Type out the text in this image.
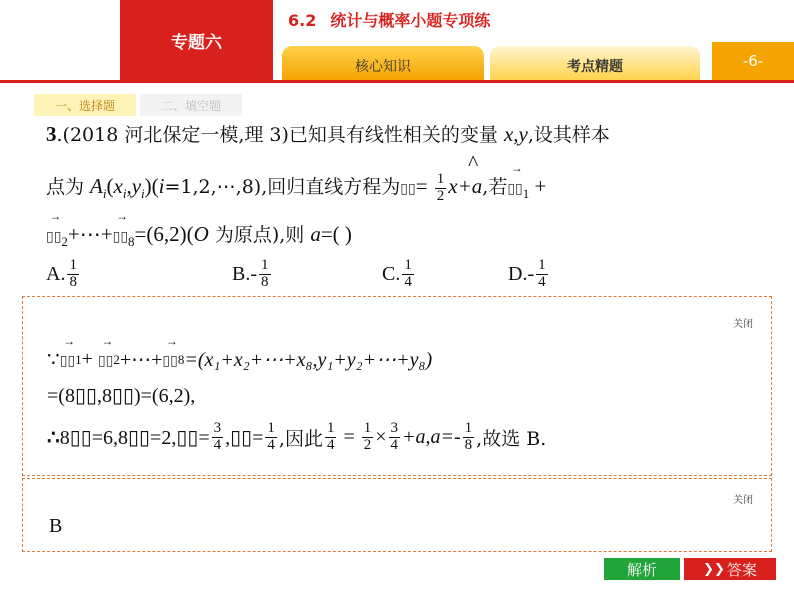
专题六
6.2 统计与概率小题专项练
核心知识	考点精题	-6-
一、选择题	二、填空题
3.(2018 河北保定一模,理 3)已知具有线性相关的变量 x,y,设其样本
^
点为 $A_i(x_i,y_i)(i=1,2,\cdots,8)$,回归直线方程为▯▯= $\frac{1}{2} x+a$,若▯▯
→
$_1$ +
▯▯
→
$_2$+⋯+▯▯
→
$_8$=(6,2)(O 为原点),则 a=( )
A. $\frac{1}{8}$	B. - $\frac{1}{8}$	C. $\frac{1}{4}$	D. - $\frac{1}{4}$
关闭
∵ ▯▯
→
1 +
▯▯
→
2 +⋯+ ▯▯
→
8 =(x₁+x₂+⋯+x₈,y₁+y₂+⋯+y₈)
=(8▯▯,8▯▯)=(6,2),
∴ 8▯▯=6,8▯▯=2,▯▯= $\frac{3}{4}$ ,▯▯= $\frac{1}{4}$ ,因此 $\frac{1}{4} = \frac{1}{2} \times \frac{3}{4} +a,a=- \frac{1}{8}$ ,故选 B.
关闭
B
解析	❯❯ 答案
